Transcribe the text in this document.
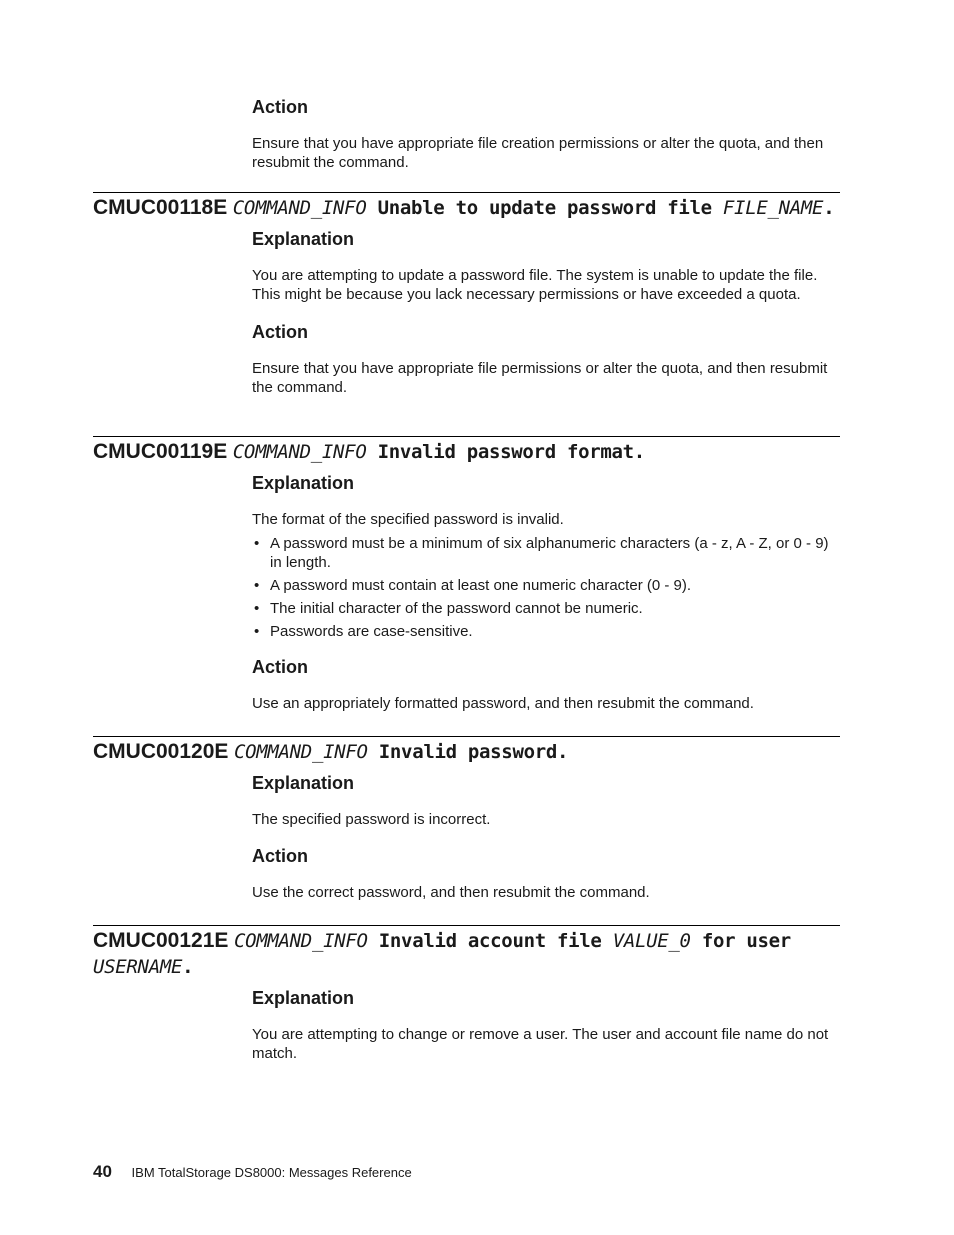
Action

Ensure that you have appropriate file creation permissions or alter the quota, and then resubmit the command.

CMUC00118E COMMAND_INFO Unable to update password file FILE_NAME.
Explanation

You are attempting to update a password file. The system is unable to update the file. This might be because you lack necessary permissions or have exceeded a quota.

Action

Ensure that you have appropriate file permissions or alter the quota, and then resubmit the command.

CMUC00119E COMMAND_INFO Invalid password format.
Explanation

The format of the specified password is invalid.

• A password must be a minimum of six alphanumeric characters (a - z, A - Z, or 0 - 9) in length.
• A password must contain at least one numeric character (0 - 9).
• The initial character of the password cannot be numeric.
• Passwords are case-sensitive.
Action

Use an appropriately formatted password, and then resubmit the command.

CMUC00120E COMMAND_INFO Invalid password.
Explanation

The specified password is incorrect.

Action

Use the correct password, and then resubmit the command.

CMUC00121E COMMAND_INFO Invalid account file VALUE_0 for user USERNAME.
Explanation

You are attempting to change or remove a user. The user and account file name do not match.

40 IBM TotalStorage DS8000: Messages Reference
